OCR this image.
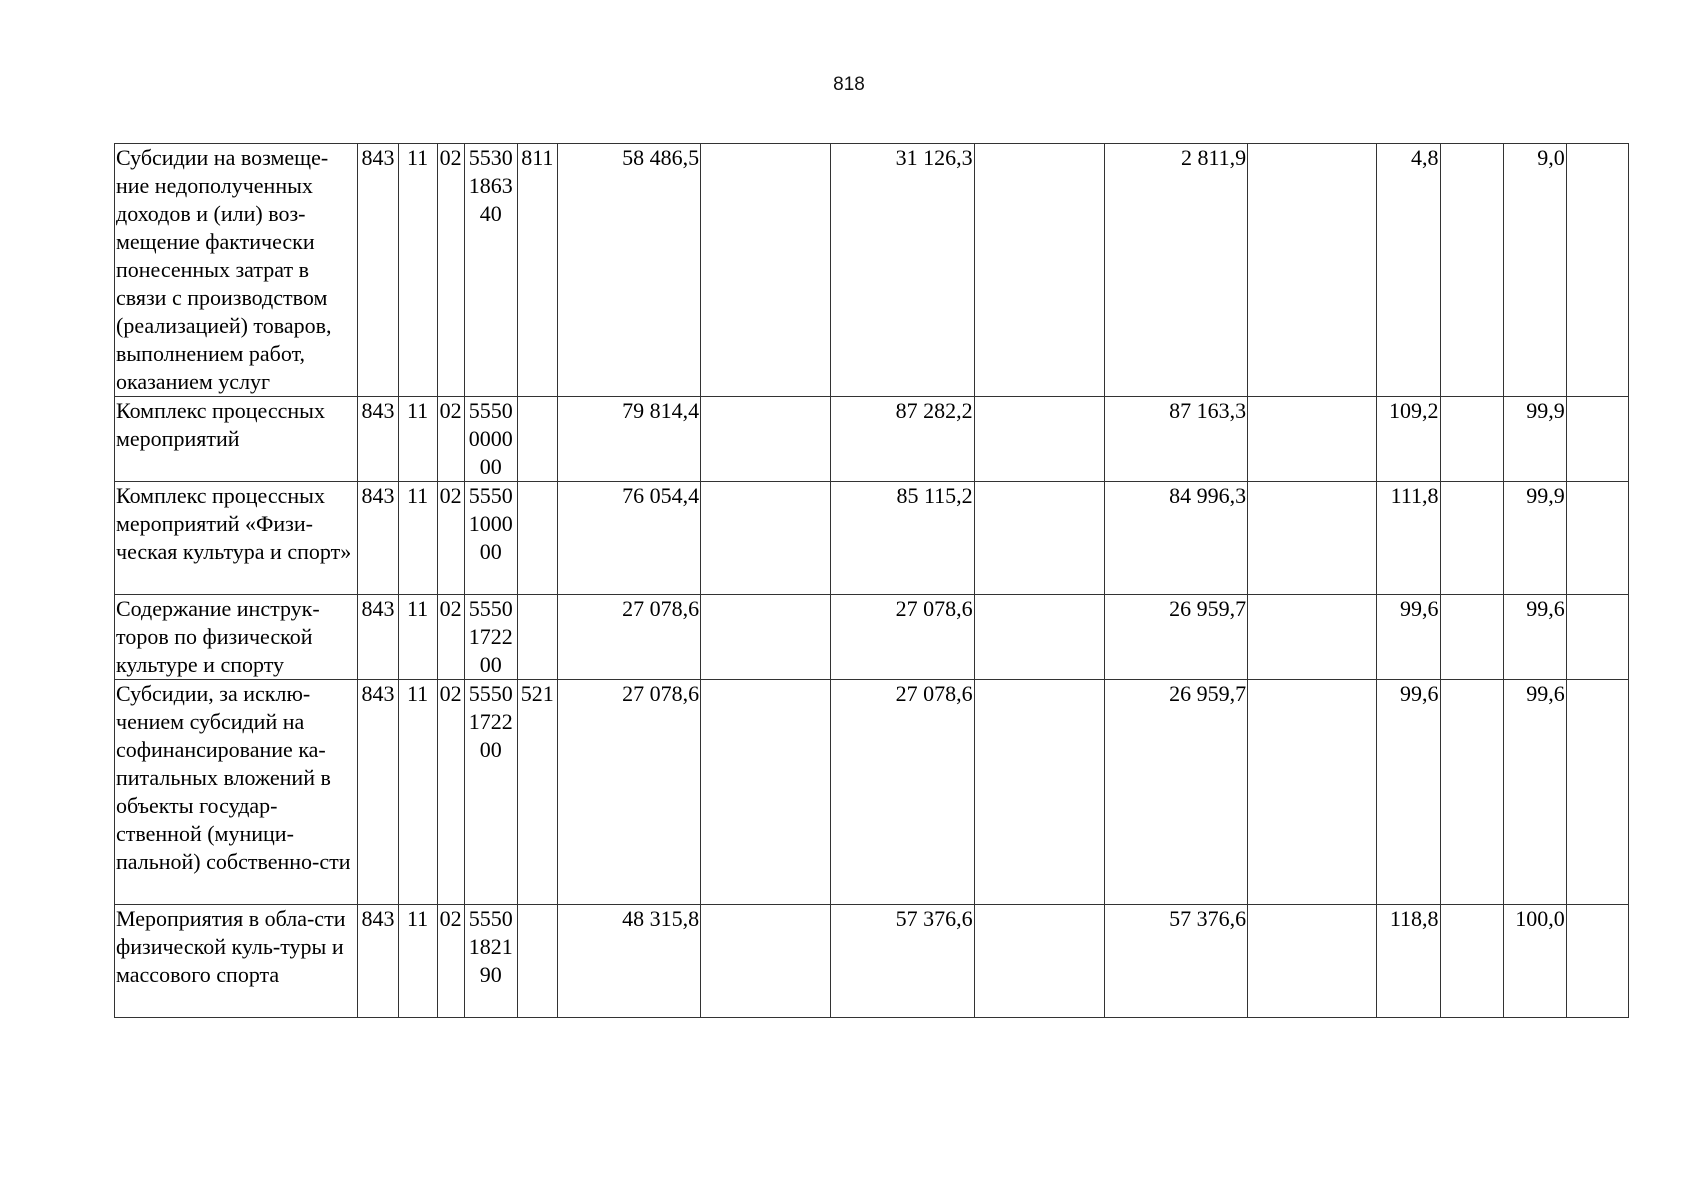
818
Субсидии на возмеще-ние недополученных доходов и (или) воз-мещение фактически понесенных затрат в связи с производством (реализацией) товаров, выполнением работ, оказанием услуг	843	11	02	5530186340	811	58 486,5		31 126,3		2 811,9		4,8		9,0	
Комплекс процессных мероприятий	843	11	02	5550000000		79 814,4		87 282,2		87 163,3		109,2		99,9	
Комплекс процессных мероприятий «Физи-ческая культура и спорт»	843	11	02	5550100000		76 054,4		85 115,2		84 996,3		111,8		99,9	
Содержание инструк-торов по физической культуре и спорту	843	11	02	5550172200		27 078,6		27 078,6		26 959,7		99,6		99,6	
Субсидии, за исклю-чением субсидий на софинансирование ка-питальных вложений в объекты государ-ственной (муници-пальной) собственно-сти	843	11	02	5550172200	521	27 078,6		27 078,6		26 959,7		99,6		99,6	
Мероприятия в обла-сти физической куль-туры и массового спорта	843	11	02	5550182190		48 315,8		57 376,6		57 376,6		118,8		100,0	
